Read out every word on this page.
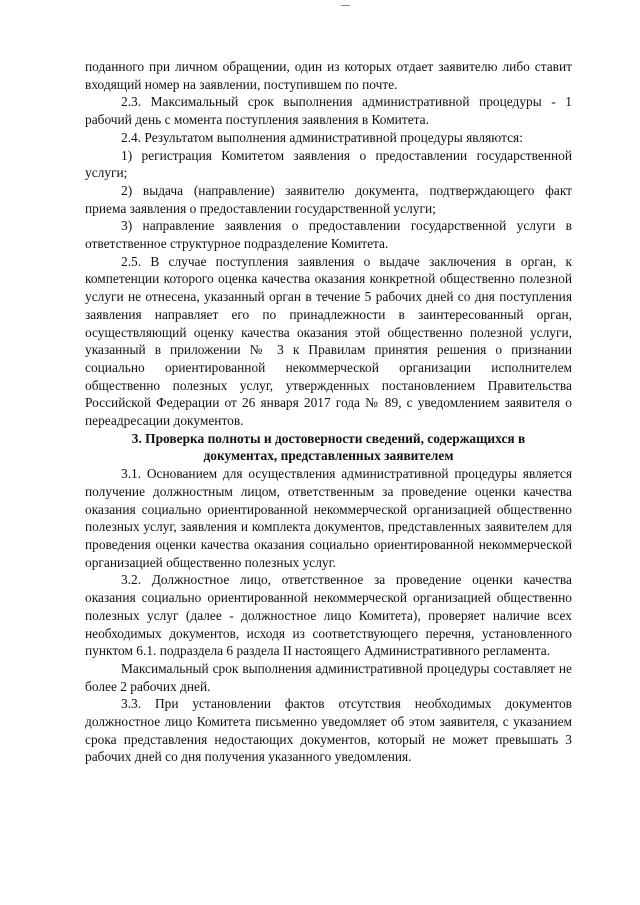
поданного при личном обращении, один из которых отдает заявителю либо ставит входящий номер на заявлении, поступившем по почте.

2.3. Максимальный срок выполнения административной процедуры - 1 рабочий день с момента поступления заявления в Комитета.

2.4. Результатом выполнения административной процедуры являются:

1) регистрация Комитетом заявления о предоставлении государственной услуги;

2) выдача (направление) заявителю документа, подтверждающего факт приема заявления о предоставлении государственной услуги;

3) направление заявления о предоставлении государственной услуги в ответственное структурное подразделение Комитета.

2.5. В случае поступления заявления о выдаче заключения в орган, к компетенции которого оценка качества оказания конкретной общественно полезной услуги не отнесена, указанный орган в течение 5 рабочих дней со дня поступления заявления направляет его по принадлежности в заинтересованный орган, осуществляющий оценку качества оказания этой общественно полезной услуги, указанный в приложении № 3 к Правилам принятия решения о признании социально ориентированной некоммерческой организации исполнителем общественно полезных услуг, утвержденных постановлением Правительства Российской Федерации от 26 января 2017 года № 89, с уведомлением заявителя о переадресации документов.

3. Проверка полноты и достоверности сведений, содержащихся в

документах, представленных заявителем

3.1. Основанием для осуществления административной процедуры является получение должностным лицом, ответственным за проведение оценки качества оказания социально ориентированной некоммерческой организацией общественно полезных услуг, заявления и комплекта документов, представленных заявителем для проведения оценки качества оказания социально ориентированной некоммерческой организацией общественно полезных услуг.

3.2. Должностное лицо, ответственное за проведение оценки качества оказания социально ориентированной некоммерческой организацией общественно полезных услуг (далее - должностное лицо Комитета), проверяет наличие всех необходимых документов, исходя из соответствующего перечня, установленного пунктом 6.1. подраздела 6 раздела II настоящего Административного регламента.

Максимальный срок выполнения административной процедуры составляет не более 2 рабочих дней.

3.3. При установлении фактов отсутствия необходимых документов должностное лицо Комитета письменно уведомляет об этом заявителя, с указанием срока представления недостающих документов, который не может превышать 3 рабочих дней со дня получения указанного уведомления.
